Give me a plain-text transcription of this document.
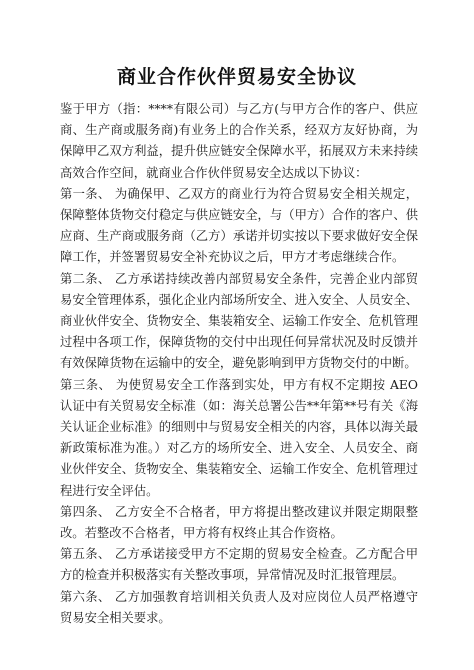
商业合作伙伴贸易安全协议

鉴于甲方（指：****有限公司）与乙方(与甲方合作的客户、供应商、生产商或服务商)有业务上的合作关系，经双方友好协商，为保障甲乙双方利益，提升供应链安全保障水平，拓展双方未来持续高效合作空间，就商业合作伙伴贸易安全达成以下协议：

第一条、 为确保甲、乙双方的商业行为符合贸易安全相关规定，保障整体货物交付稳定与供应链安全，与（甲方）合作的客户、供应商、生产商或服务商（乙方）承诺并切实按以下要求做好安全保障工作，并签署贸易安全补充协议之后，甲方才考虑继续合作。

第二条、 乙方承诺持续改善内部贸易安全条件，完善企业内部贸易安全管理体系，强化企业内部场所安全、进入安全、人员安全、商业伙伴安全、货物安全、集装箱安全、运输工作安全、危机管理过程中各项工作，保障货物的交付中出现任何异常状况及时反馈并有效保障货物在运输中的安全，避免影响到甲方货物交付的中断。

第三条、 为使贸易安全工作落到实处，甲方有权不定期按 AEO 认证中有关贸易安全标准（如：海关总署公告**年第**号有关《海关认证企业标准》的细则中与贸易安全相关的内容，具体以海关最新政策标准为准。）对乙方的场所安全、进入安全、人员安全、商业伙伴安全、货物安全、集装箱安全、运输工作安全、危机管理过程进行安全评估。

第四条、 乙方安全不合格者，甲方将提出整改建议并限定期限整改。若整改不合格者，甲方将有权终止其合作资格。

第五条、 乙方承诺接受甲方不定期的贸易安全检查。乙方配合甲方的检查并积极落实有关整改事项，异常情况及时汇报管理层。

第六条、 乙方加强教育培训相关负责人及对应岗位人员严格遵守贸易安全相关要求。
